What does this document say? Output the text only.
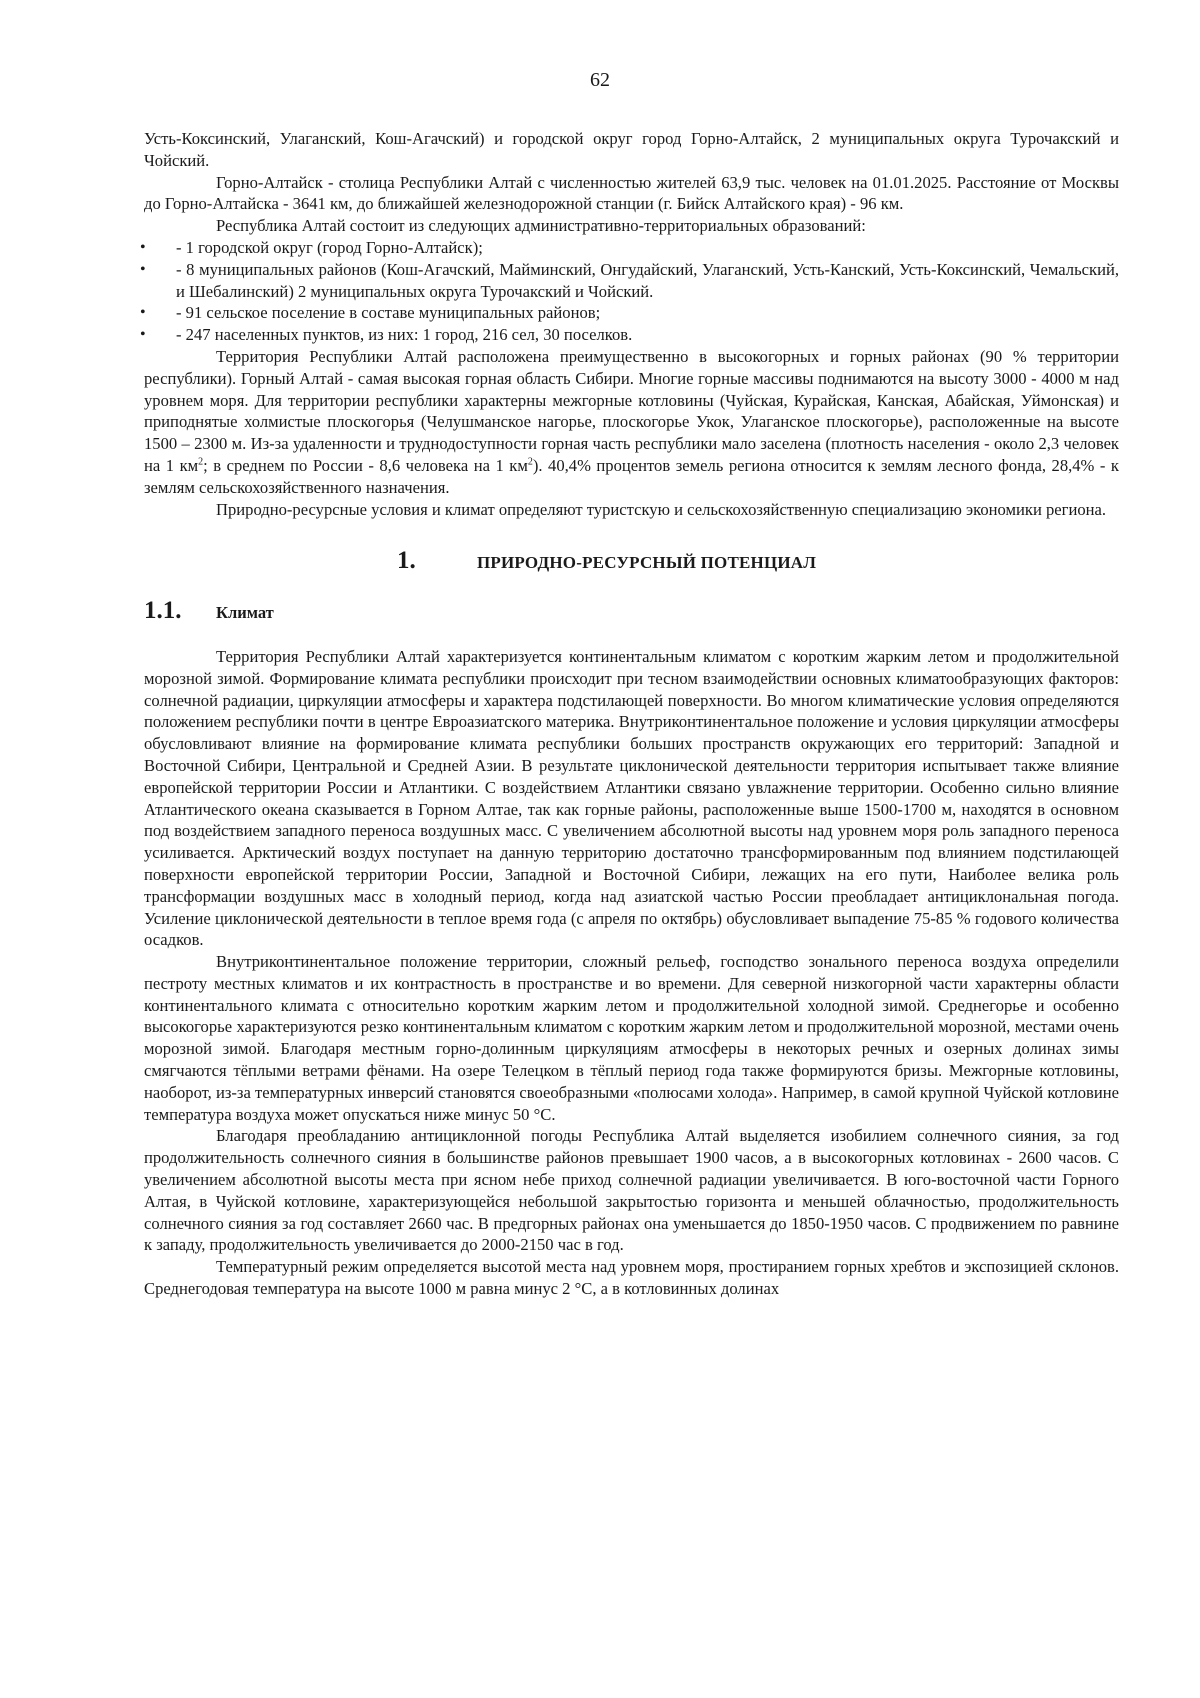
62

Усть-Коксинский, Улаганский, Кош-Агачский) и городской округ город Горно-Алтайск, 2 муниципальных округа Турочакский и Чойский.

Горно-Алтайск - столица Республики Алтай с численностью жителей 63,9 тыс. человек на 01.01.2025. Расстояние от Москвы до Горно-Алтайска - 3641 км, до ближайшей железнодорожной станции (г. Бийск Алтайского края) - 96 км.

Республика Алтай состоит из следующих административно-территориальных образований:

• - 1 городской округ (город Горно-Алтайск);
• - 8 муниципальных районов (Кош-Агачский, Майминский, Онгудайский, Улаганский, Усть-Канский, Усть-Коксинский, Чемальский, и Шебалинский) 2 муниципальных округа Турочакский и Чойский.
• - 91 сельское поселение в составе муниципальных районов;
• - 247 населенных пунктов, из них: 1 город, 216 сел, 30 поселков.

Территория Республики Алтай расположена преимущественно в высокогорных и горных районах (90 % территории республики). Горный Алтай - самая высокая горная область Сибири. Многие горные массивы поднимаются на высоту 3000 - 4000 м над уровнем моря. Для территории республики характерны межгорные котловины (Чуйская, Курайская, Канская, Абайская, Уймонская) и приподнятые холмистые плоскогорья (Челушманское нагорье, плоскогорье Укок, Улаганское плоскогорье), расположенные на высоте 1500 – 2300 м. Из-за удаленности и труднодоступности горная часть республики мало заселена (плотность населения - около 2,3 человек на 1 $км^2$; в среднем по России - 8,6 человека на 1 $км^2$). 40,4% процентов земель региона относится к землям лесного фонда, 28,4% - к землям сельскохозяйственного назначения.

Природно-ресурсные условия и климат определяют туристскую и сельскохозяйственную специализацию экономики региона.

1.	ПРИРОДНО-РЕСУРСНЫЙ ПОТЕНЦИАЛ
1.1.	Климат

Территория Республики Алтай характеризуется континентальным климатом с коротким жарким летом и продолжительной морозной зимой. Формирование климата республики происходит при тесном взаимодействии основных климатообразующих факторов: солнечной радиации, циркуляции атмосферы и характера подстилающей поверхности. Во многом климатические условия определяются положением республики почти в центре Евроазиатского материка. Внутриконтинентальное положение и условия циркуляции атмосферы обусловливают влияние на формирование климата республики больших пространств окружающих его территорий: Западной и Восточной Сибири, Центральной и Средней Азии. В результате циклонической деятельности территория испытывает также влияние европейской территории России и Атлантики. С воздействием Атлантики связано увлажнение территории. Особенно сильно влияние Атлантического океана сказывается в Горном Алтае, так как горные районы, расположенные выше 1500-1700 м, находятся в основном под воздействием западного переноса воздушных масс. С увеличением абсолютной высоты над уровнем моря роль западного переноса усиливается. Арктический воздух поступает на данную территорию достаточно трансформированным под влиянием подстилающей поверхности европейской территории России, Западной и Восточной Сибири, лежащих на его пути, Наиболее велика роль трансформации воздушных масс в холодный период, когда над азиатской частью России преобладает антициклональная погода. Усиление циклонической деятельности в теплое время года (с апреля по октябрь) обусловливает выпадение 75-85 % годового количества осадков.

Внутриконтинентальное положение территории, сложный рельеф, господство зонального переноса воздуха определили пестроту местных климатов и их контрастность в пространстве и во времени. Для северной низкогорной части характерны области континентального климата с относительно коротким жарким летом и продолжительной холодной зимой. Среднегорье и особенно высокогорье характеризуются резко континентальным климатом с коротким жарким летом и продолжительной морозной, местами очень морозной зимой. Благодаря местным горно-долинным циркуляциям атмосферы в некоторых речных и озерных долинах зимы смягчаются тёплыми ветрами фёнами. На озере Телецком в тёплый период года также формируются бризы. Межгорные котловины, наоборот, из-за температурных инверсий становятся своеобразными «полюсами холода». Например, в самой крупной Чуйской котловине температура воздуха может опускаться ниже минус 50 °С.

Благодаря преобладанию антициклонной погоды Республика Алтай выделяется изобилием солнечного сияния, за год продолжительность солнечного сияния в большинстве районов превышает 1900 часов, а в высокогорных котловинах - 2600 часов. С увеличением абсолютной высоты места при ясном небе приход солнечной радиации увеличивается. В юго-восточной части Горного Алтая, в Чуйской котловине, характеризующейся небольшой закрытостью горизонта и меньшей облачностью, продолжительность солнечного сияния за год составляет 2660 час. В предгорных районах она уменьшается до 1850-1950 часов. С продвижением по равнине к западу, продолжительность увеличивается до 2000-2150 час в год.

Температурный режим определяется высотой места над уровнем моря, простиранием горных хребтов и экспозицией склонов. Среднегодовая температура на высоте 1000 м равна минус 2 °С, а в котловинных долинах
